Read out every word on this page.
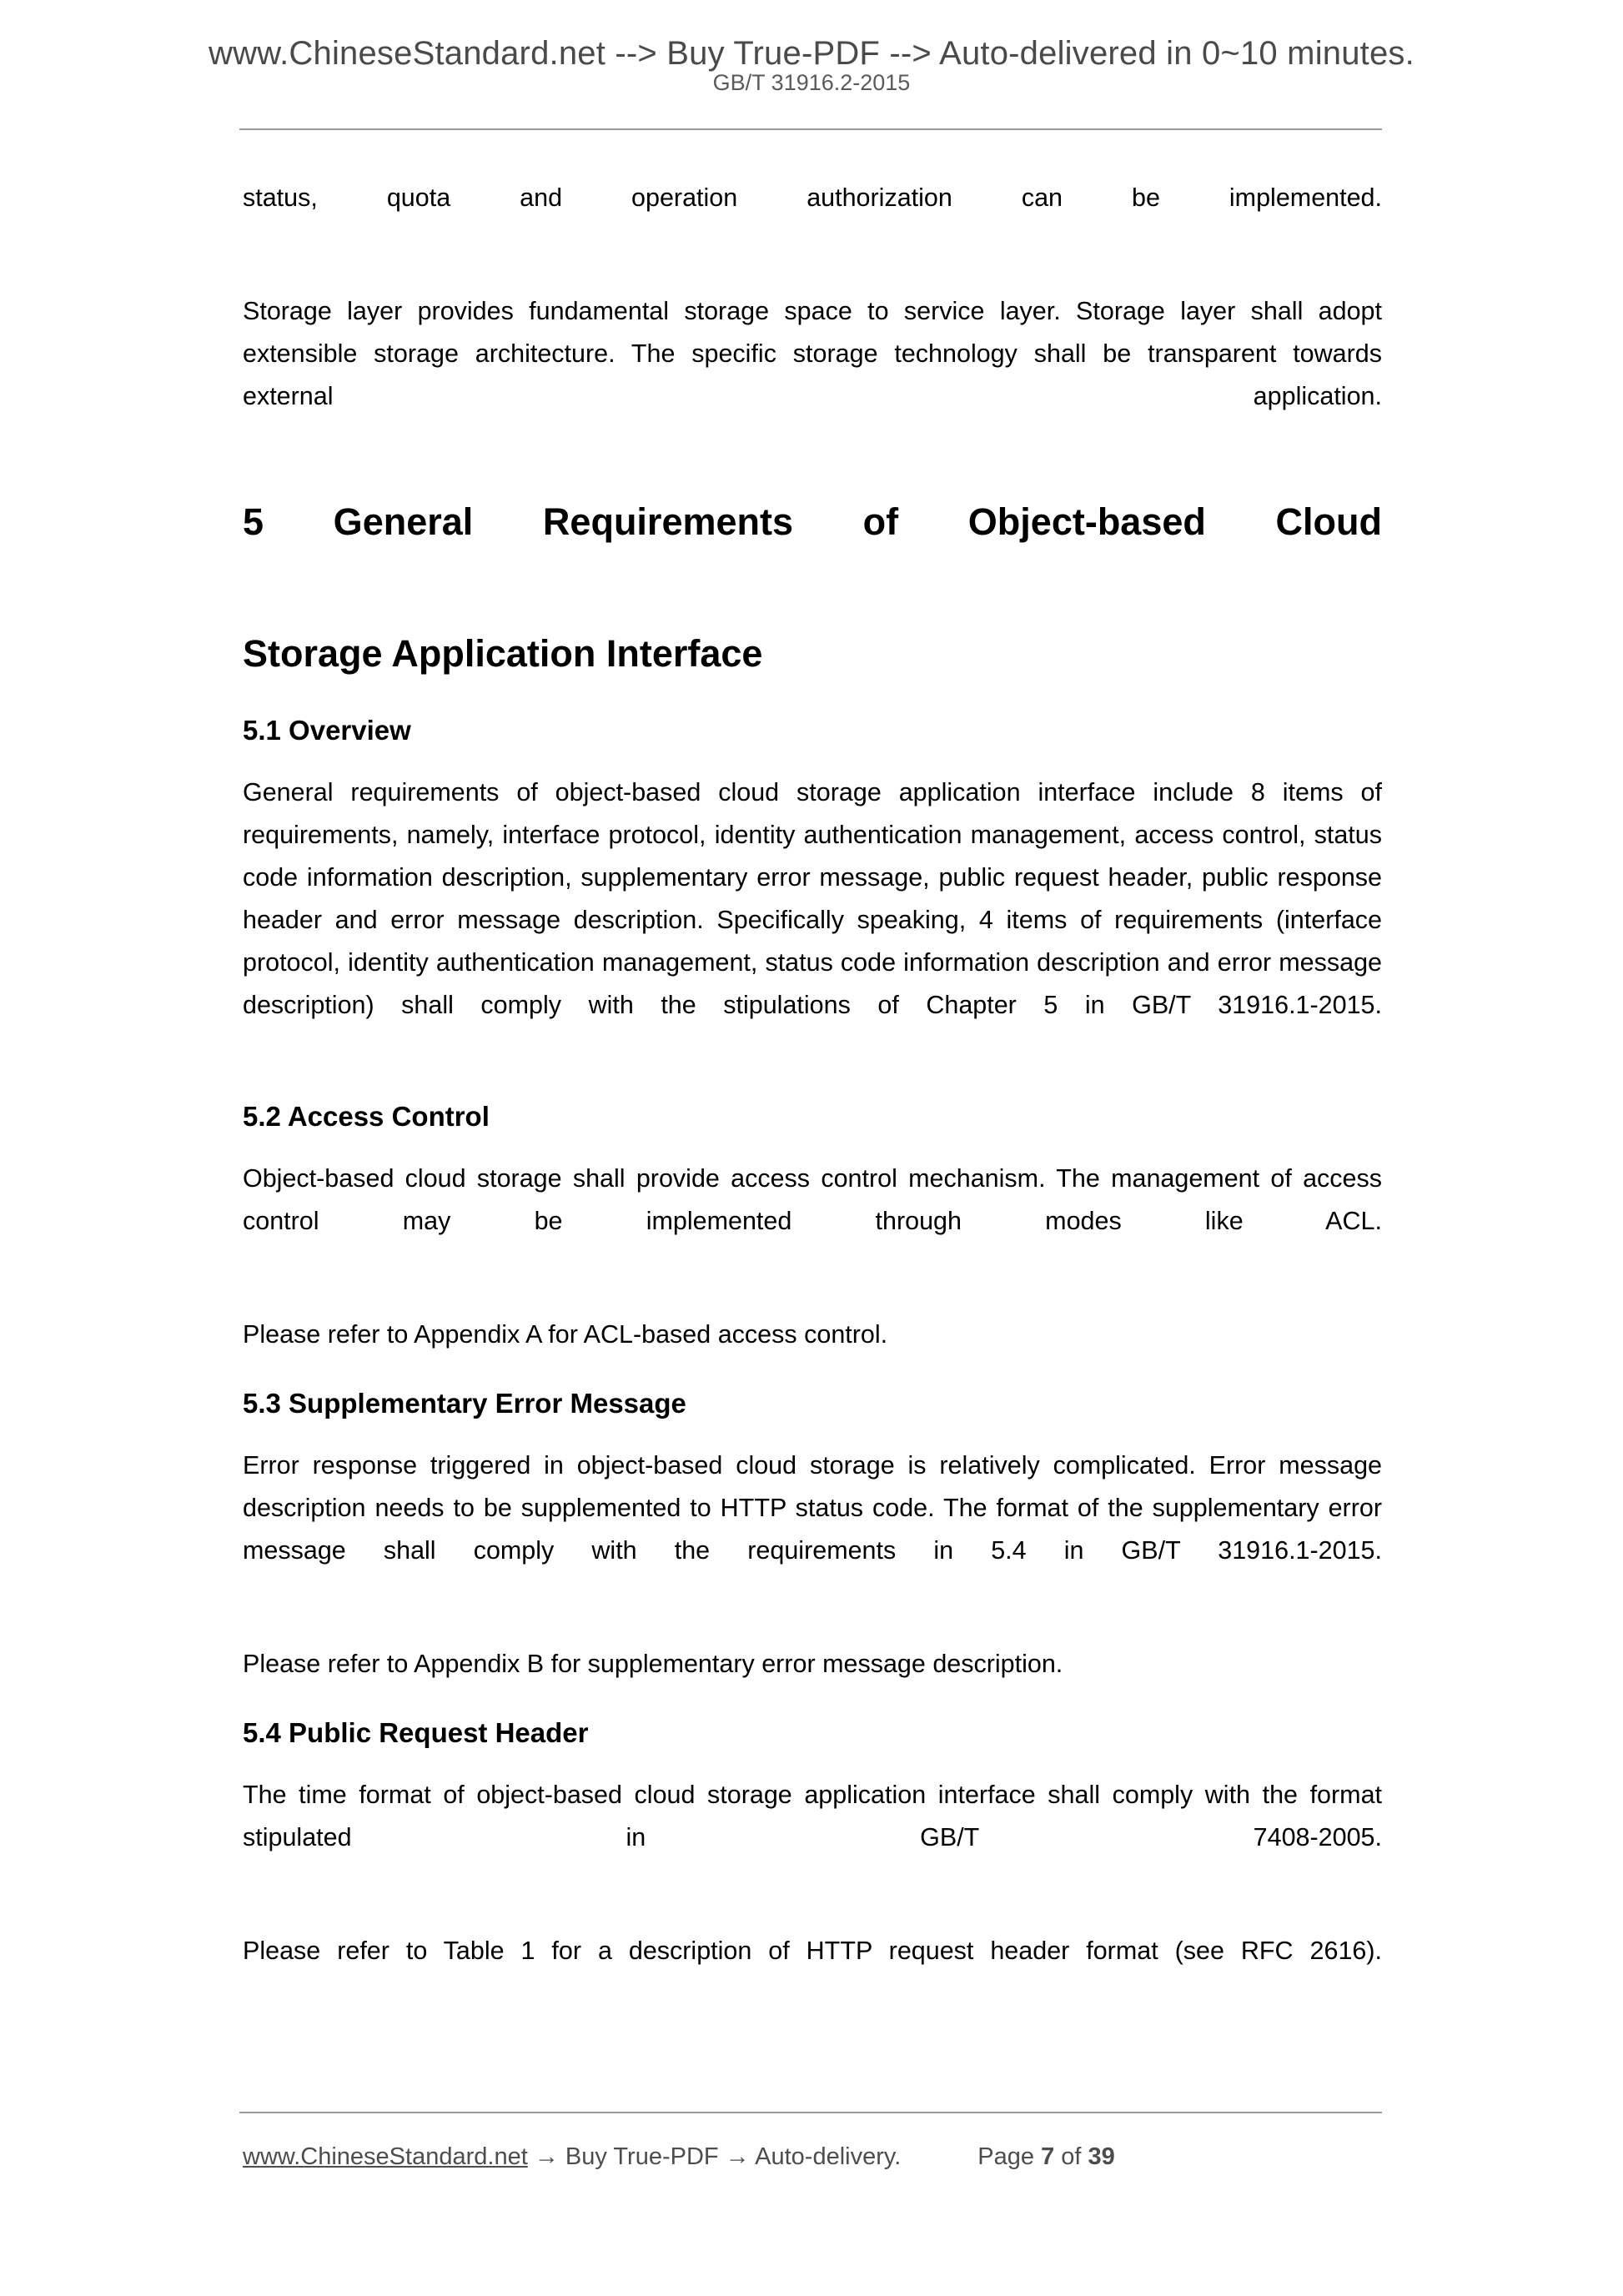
www.ChineseStandard.net --> Buy True-PDF --> Auto-delivered in 0~10 minutes.
GB/T 31916.2-2015

status, quota and operation authorization can be implemented.

Storage layer provides fundamental storage space to service layer. Storage layer shall adopt extensible storage architecture. The specific storage technology shall be transparent towards external application.

5 General Requirements of Object-based Cloud
Storage Application Interface
5.1 Overview

General requirements of object-based cloud storage application interface include 8 items of requirements, namely, interface protocol, identity authentication management, access control, status code information description, supplementary error message, public request header, public response header and error message description. Specifically speaking, 4 items of requirements (interface protocol, identity authentication management, status code information description and error message description) shall comply with the stipulations of Chapter 5 in GB/T 31916.1-2015.

5.2 Access Control

Object-based cloud storage shall provide access control mechanism. The management of access control may be implemented through modes like ACL.

Please refer to Appendix A for ACL-based access control.

5.3 Supplementary Error Message

Error response triggered in object-based cloud storage is relatively complicated. Error message description needs to be supplemented to HTTP status code. The format of the supplementary error message shall comply with the requirements in 5.4 in GB/T 31916.1-2015.

Please refer to Appendix B for supplementary error message description.

5.4 Public Request Header

The time format of object-based cloud storage application interface shall comply with the format stipulated in GB/T 7408-2005.

Please refer to Table 1 for a description of HTTP request header format (see RFC 2616).

www.ChineseStandard.net → Buy True-PDF → Auto-delivery.	Page 7 of 39
